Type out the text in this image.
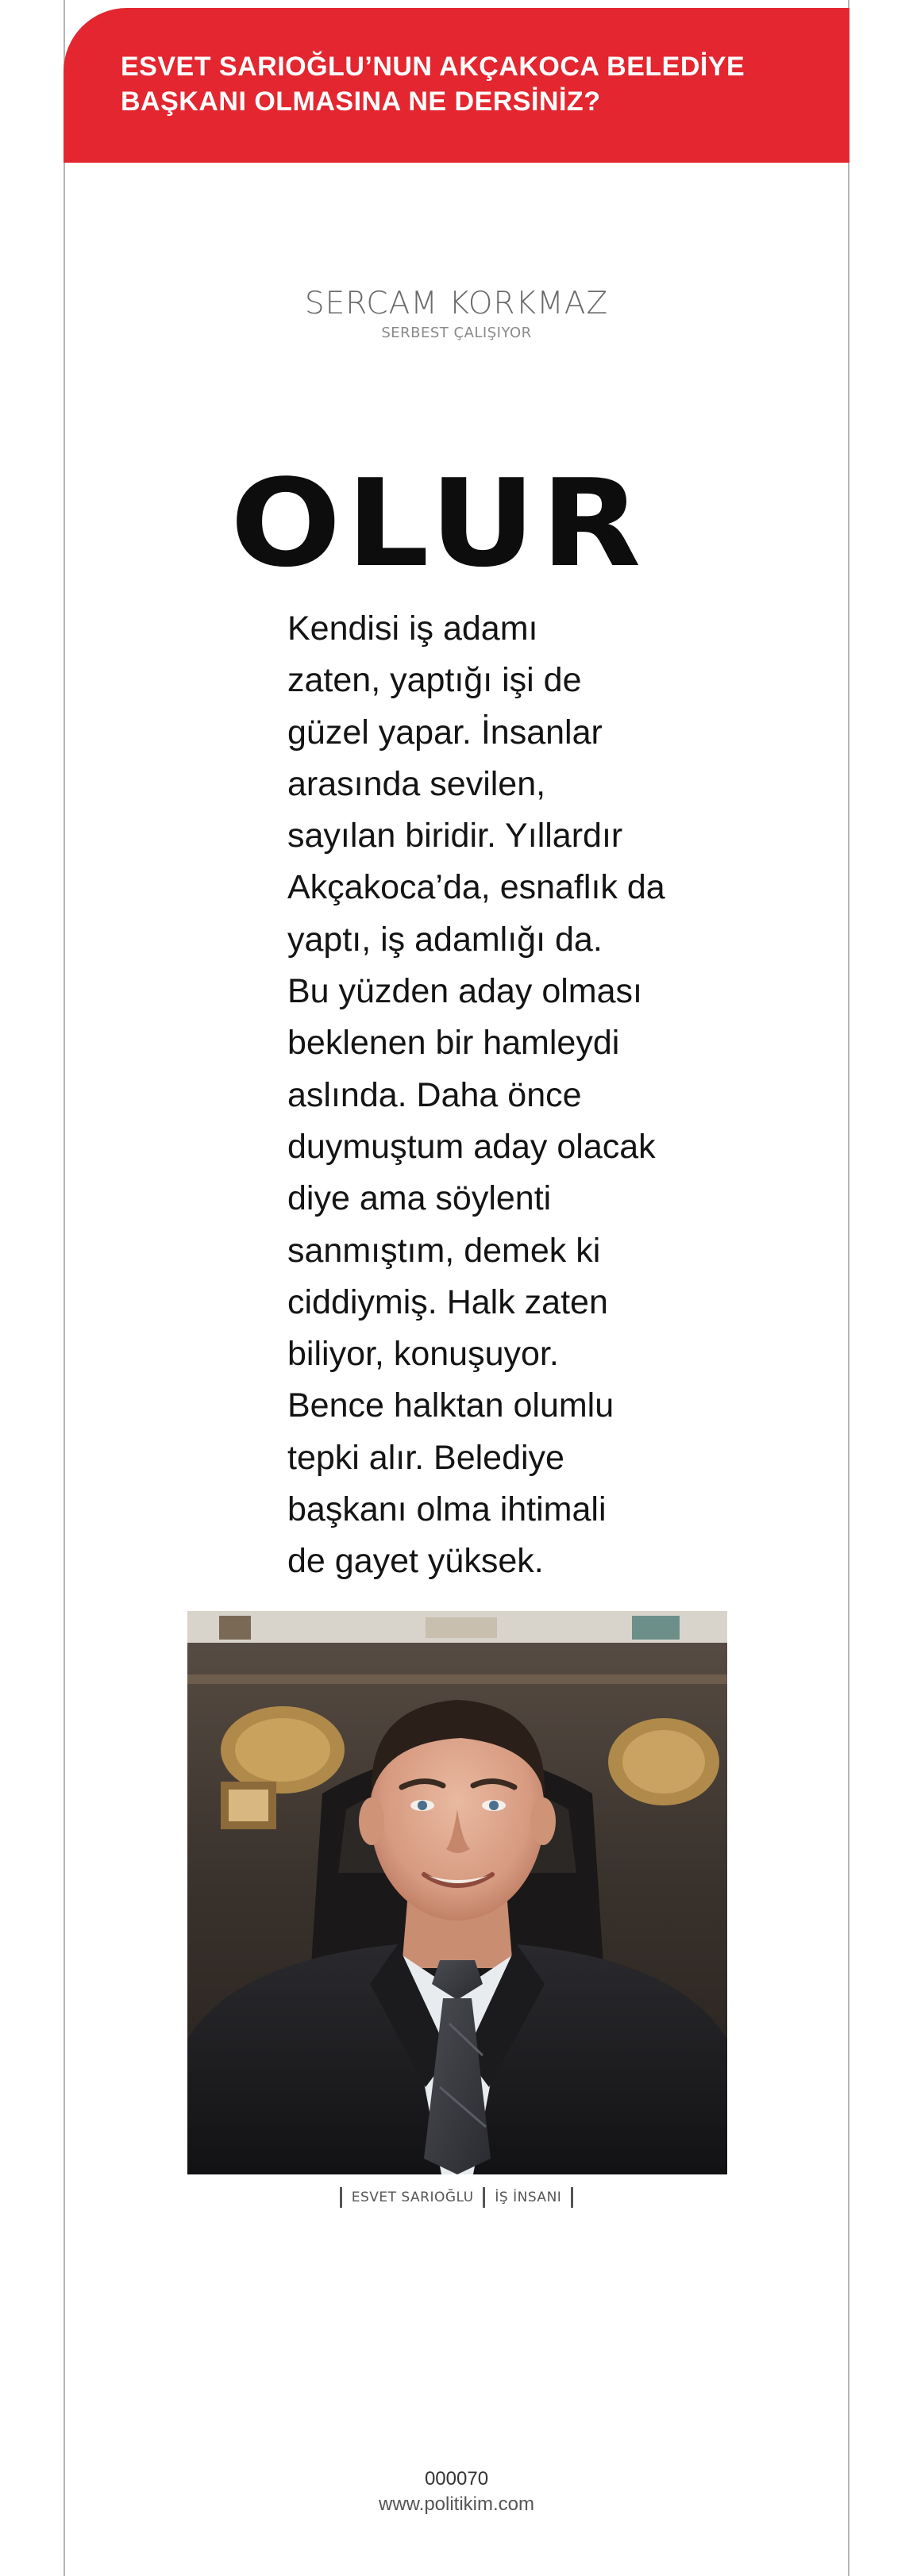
ESVET SARIOĞLU’NUN AKÇAKOCA BELEDİYE
BAŞKANI OLMASINA NE DERSİNİZ?
SERCAM KORKMAZ
SERBEST ÇALIŞIYOR
OLUR

Kendisi iş adamı
zaten, yaptığı işi de
güzel yapar. İnsanlar
arasında sevilen,
sayılan biridir. Yıllardır
Akçakoca’da, esnaflık da
yaptı, iş adamlığı da.
Bu yüzden aday olması
beklenen bir hamleydi
aslında. Daha önce
duymuştum aday olacak
diye ama söylenti
sanmıştım, demek ki
ciddiymiş. Halk zaten
biliyor, konuşuyor.
Bence halktan olumlu
tepki alır. Belediye
başkanı olma ihtimali
de gayet yüksek.

ESVET SARIOĞLU İŞ İNSANI
000070
www.politikim.com
